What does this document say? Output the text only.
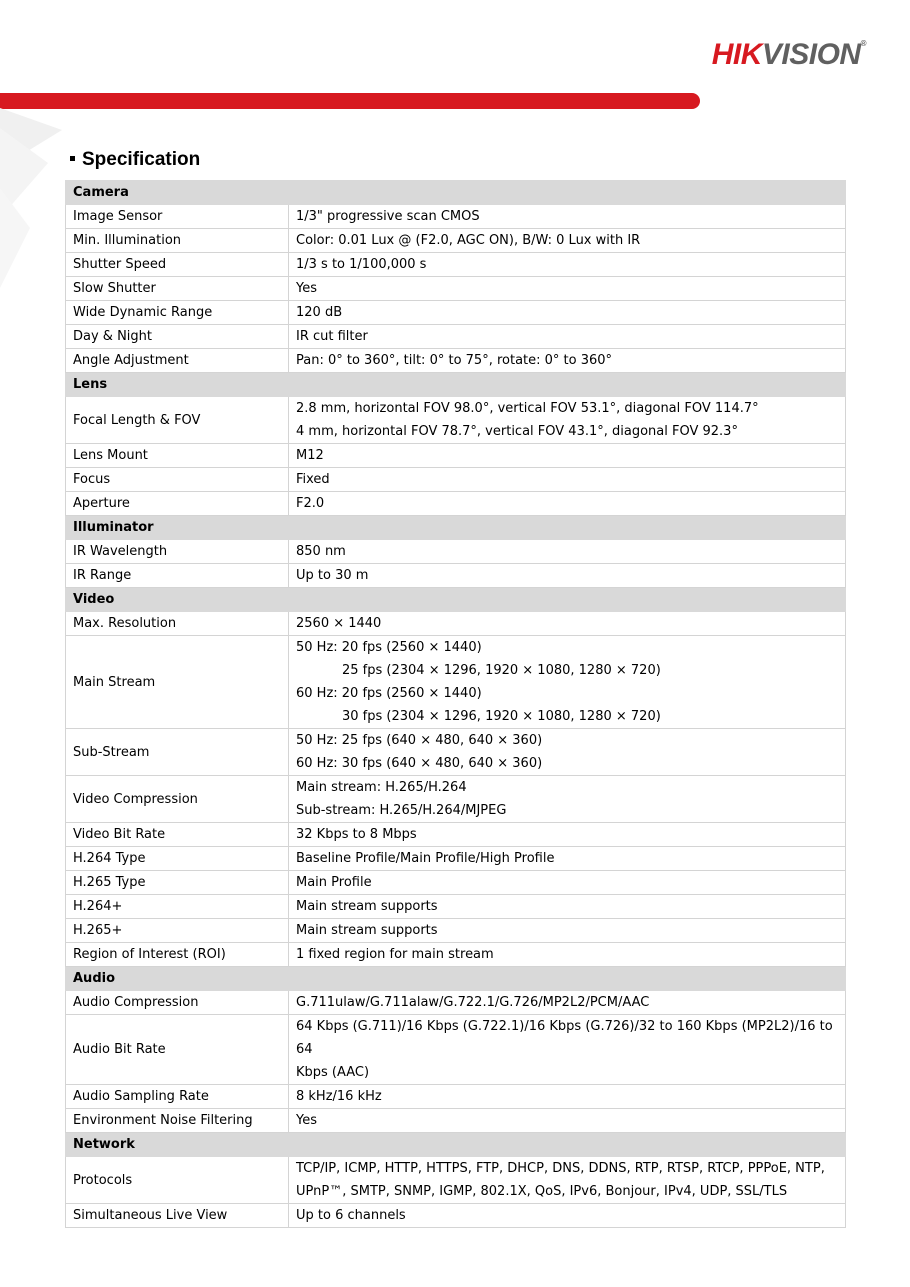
HIKVISION®
Specification
Camera	
Image Sensor	1/3" progressive scan CMOS

Min. Illumination	Color: 0.01 Lux @ (F2.0, AGC ON), B/W: 0 Lux with IR

Shutter Speed	1/3 s to 1/100,000 s

Slow Shutter	Yes

Wide Dynamic Range	120 dB

Day & Night	IR cut filter

Angle Adjustment	Pan: 0° to 360°, tilt: 0° to 75°, rotate: 0° to 360°

Lens	
Focal Length & FOV	2.8 mm, horizontal FOV 98.0°, vertical FOV 53.1°, diagonal FOV 114.7°
4 mm, horizontal FOV 78.7°, vertical FOV 43.1°, diagonal FOV 92.3°

Lens Mount	M12

Focus	Fixed

Aperture	F2.0

Illuminator	
IR Wavelength	850 nm

IR Range	Up to 30 m

Video	
Max. Resolution	2560 × 1440

Main Stream	50 Hz: 20 fps (2560 × 1440)
25 fps (2304 × 1296, 1920 × 1080, 1280 × 720)
60 Hz: 20 fps (2560 × 1440)
30 fps (2304 × 1296, 1920 × 1080, 1280 × 720)

Sub-Stream	50 Hz: 25 fps (640 × 480, 640 × 360)
60 Hz: 30 fps (640 × 480, 640 × 360)

Video Compression	Main stream: H.265/H.264
Sub-stream: H.265/H.264/MJPEG

Video Bit Rate	32 Kbps to 8 Mbps

H.264 Type	Baseline Profile/Main Profile/High Profile

H.265 Type	Main Profile

H.264+	Main stream supports

H.265+	Main stream supports

Region of Interest (ROI)	1 fixed region for main stream

Audio	
Audio Compression	G.711ulaw/G.711alaw/G.722.1/G.726/MP2L2/PCM/AAC

Audio Bit Rate	64 Kbps (G.711)/16 Kbps (G.722.1)/16 Kbps (G.726)/32 to 160 Kbps (MP2L2)/16 to 64
Kbps (AAC)

Audio Sampling Rate	8 kHz/16 kHz

Environment Noise Filtering	Yes

Network	
Protocols	TCP/IP, ICMP, HTTP, HTTPS, FTP, DHCP, DNS, DDNS, RTP, RTSP, RTCP, PPPoE, NTP,
UPnP™, SMTP, SNMP, IGMP, 802.1X, QoS, IPv6, Bonjour, IPv4, UDP, SSL/TLS

Simultaneous Live View	Up to 6 channels
